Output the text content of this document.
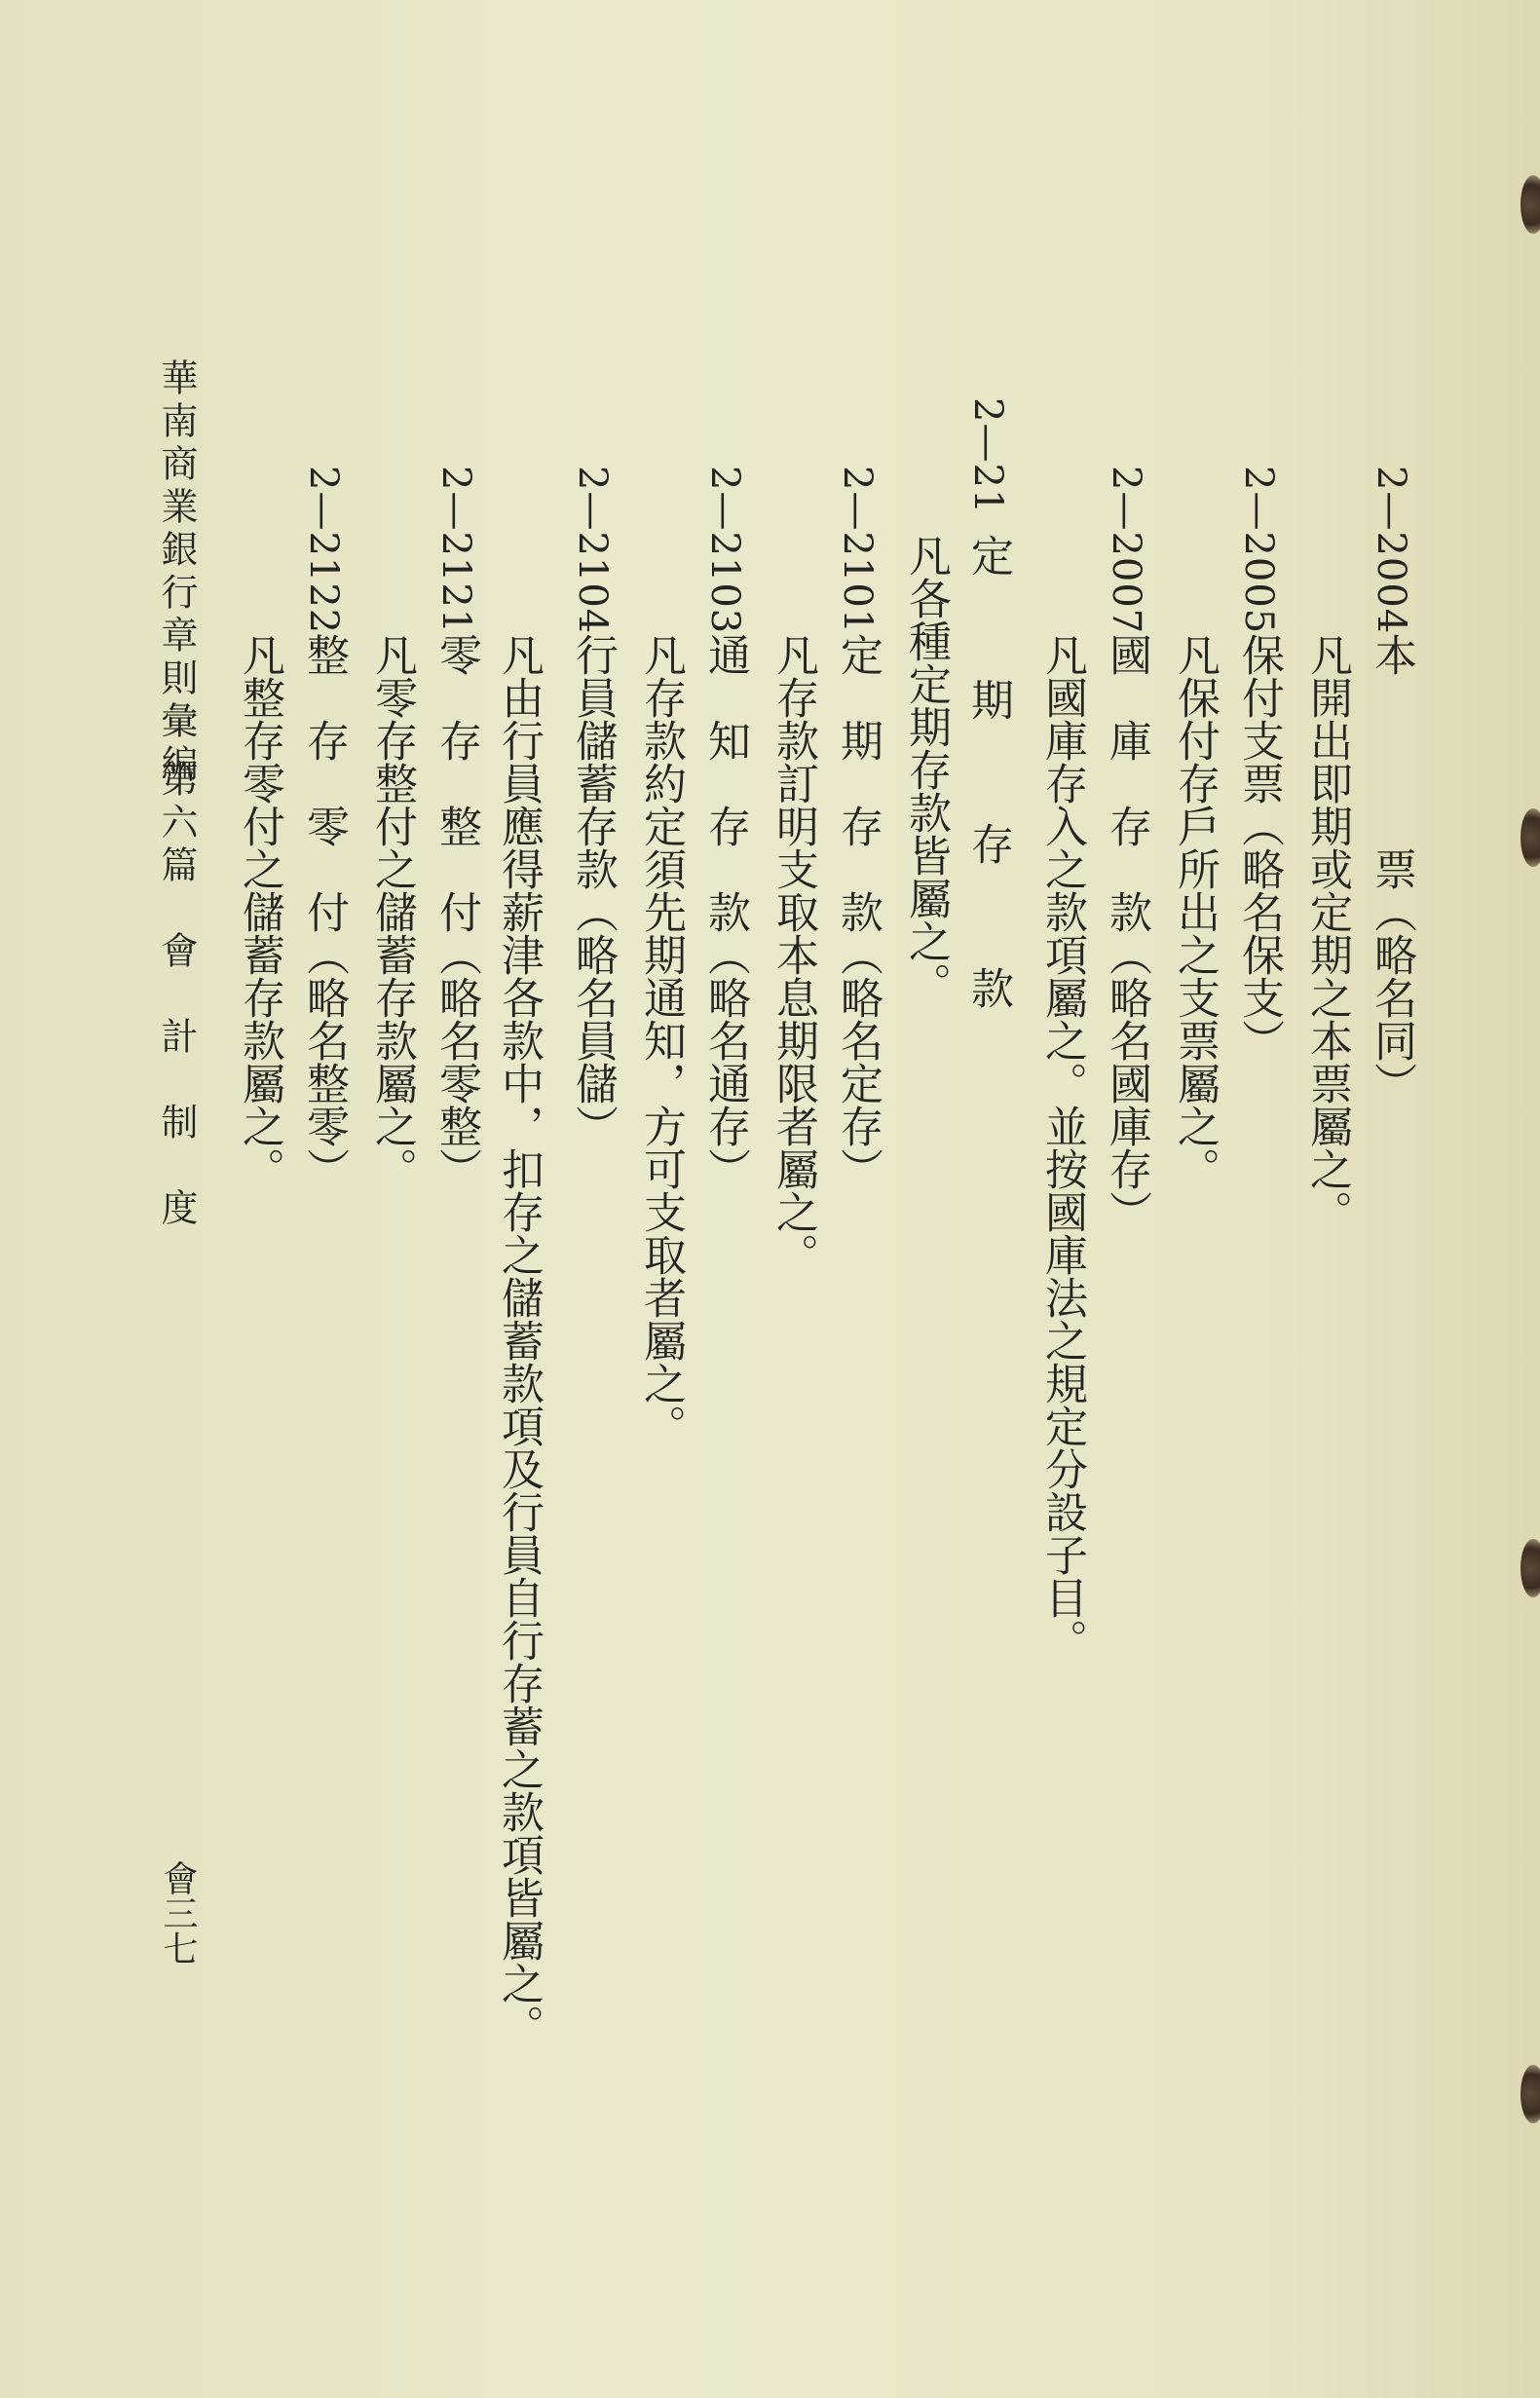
2—2004
本　　　　票（略名同）
凡開出即期或定期之本票屬之。
2—2005
保付支票（略名保支）
凡保付存戶所出之支票屬之。
2—2007
國　庫　存　款（略名國庫存）
凡國庫存入之款項屬之。並按國庫法之規定分設子目。
2—21
定　期　存　款
凡各種定期存款皆屬之。
2—2101
定　期　存　款（略名定存）
凡存款訂明支取本息期限者屬之。
2—2103
通　知　存　款（略名通存）
凡存款約定須先期通知，方可支取者屬之。
2—2104
行員儲蓄存款（略名員儲）
凡由行員應得薪津各款中，扣存之儲蓄款項及行員自行存蓄之款項皆屬之。
2—2121
零　存　整　付（略名零整）
凡零存整付之儲蓄存款屬之。
2—2122
整　存　零　付（略名整零）
凡整存零付之儲蓄存款屬之。
華南商業銀行章則彙編
第六篇　會　計　制　度
會三七
